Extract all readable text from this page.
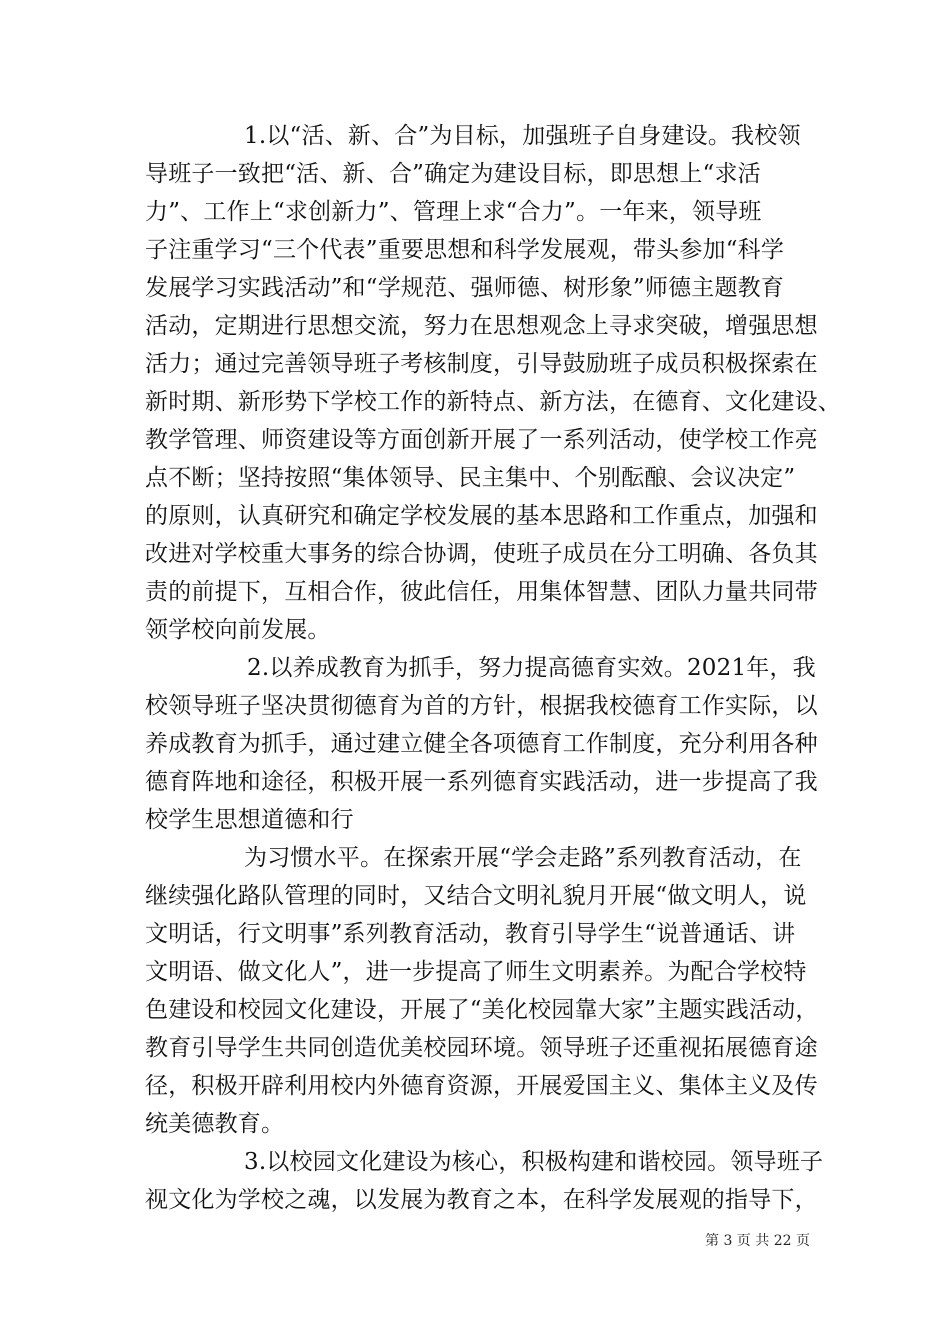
1.以“活、新、合”为目标，加强班子自身建设。我校领
导班子一致把“活、新、合”确定为建设目标，即思想上“求活
力”、工作上“求创新力”、管理上求“合力”。一年来，领导班
子注重学习“三个代表”重要思想和科学发展观，带头参加“科学
发展学习实践活动”和“学规范、强师德、树形象”师德主题教育
活动，定期进行思想交流，努力在思想观念上寻求突破，增强思想
活力；通过完善领导班子考核制度，引导鼓励班子成员积极探索在
新时期、新形势下学校工作的新特点、新方法，在德育、文化建设、
教学管理、师资建设等方面创新开展了一系列活动，使学校工作亮
点不断；坚持按照“集体领导、民主集中、个别酝酿、会议决定”
的原则，认真研究和确定学校发展的基本思路和工作重点，加强和
改进对学校重大事务的综合协调，使班子成员在分工明确、各负其
责的前提下，互相合作，彼此信任，用集体智慧、团队力量共同带
领学校向前发展。
2.以养成教育为抓手，努力提高德育实效。2021年，我
校领导班子坚决贯彻德育为首的方针，根据我校德育工作实际，以
养成教育为抓手，通过建立健全各项德育工作制度，充分利用各种
德育阵地和途径，积极开展一系列德育实践活动，进一步提高了我
校学生思想道德和行
为习惯水平。在探索开展“学会走路”系列教育活动，在
继续强化路队管理的同时，又结合文明礼貌月开展“做文明人，说
文明话，行文明事”系列教育活动，教育引导学生“说普通话、讲
文明语、做文化人”，进一步提高了师生文明素养。为配合学校特
色建设和校园文化建设，开展了“美化校园靠大家”主题实践活动，
教育引导学生共同创造优美校园环境。领导班子还重视拓展德育途
径，积极开辟利用校内外德育资源，开展爱国主义、集体主义及传
统美德教育。
3.以校园文化建设为核心，积极构建和谐校园。领导班子
视文化为学校之魂，以发展为教育之本，在科学发展观的指导下，
第 3 页 共 22 页
